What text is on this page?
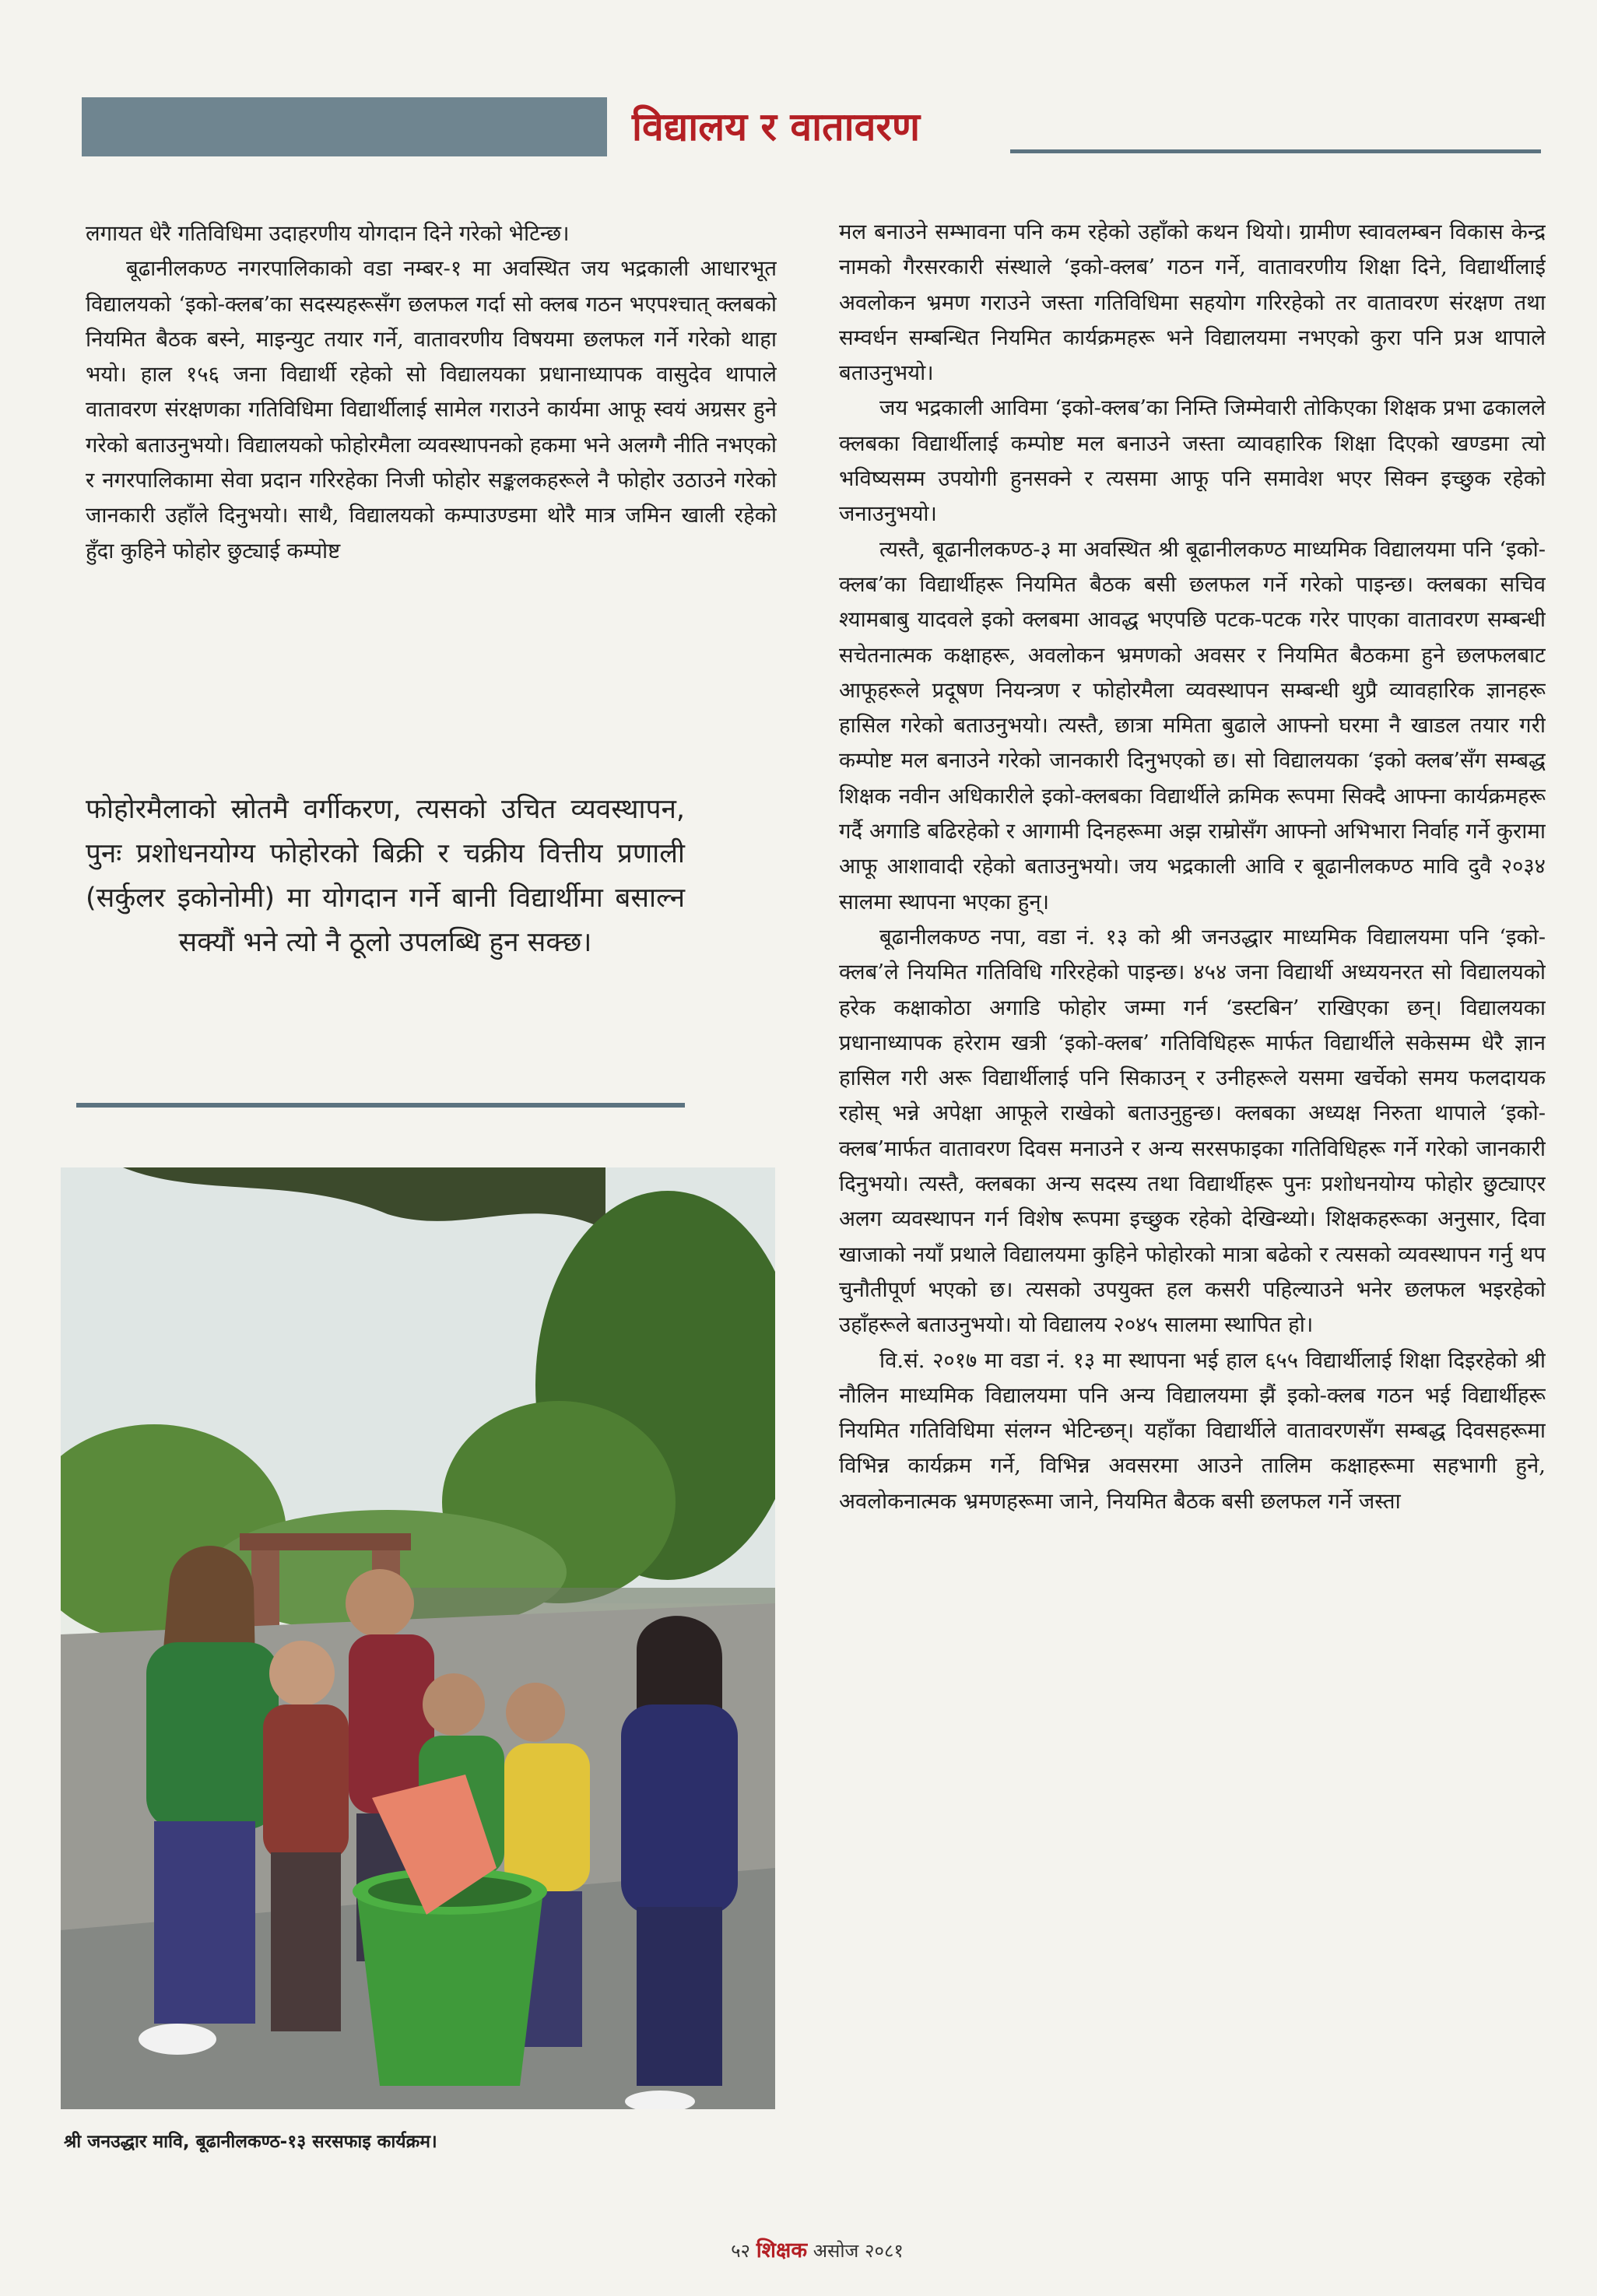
विद्यालय र वातावरण

लगायत धेरै गतिविधिमा उदाहरणीय योगदान दिने गरेको भेटिन्छ।

बूढानीलकण्ठ नगरपालिकाको वडा नम्बर-१ मा अवस्थित जय भद्रकाली आधारभूत विद्यालयको ‘इको-क्लब’का सदस्यहरूसँग छलफल गर्दा सो क्लब गठन भएपश्चात् क्लबको नियमित बैठक बस्ने, माइन्युट तयार गर्ने, वातावरणीय विषयमा छलफल गर्ने गरेको थाहा भयो। हाल १५६ जना विद्यार्थी रहेको सो विद्यालयका प्रधानाध्यापक वासुदेव थापाले वातावरण संरक्षणका गतिविधिमा विद्यार्थीलाई सामेल गराउने कार्यमा आफू स्वयं अग्रसर हुने गरेको बताउनुभयो। विद्यालयको फोहोरमैला व्यवस्थापनको हकमा भने अलग्गै नीति नभएको र नगरपालिकामा सेवा प्रदान गरिरहेका निजी फोहोर सङ्कलकहरूले नै फोहोर उठाउने गरेको जानकारी उहाँले दिनुभयो। साथै, विद्यालयको कम्पाउण्डमा थोरै मात्र जमिन खाली रहेको हुँदा कुहिने फोहोर छुट्याई कम्पोष्ट

फोहोरमैलाको स्रोतमै वर्गीकरण, त्यसको उचित व्यवस्थापन, पुनः प्रशोधनयोग्य फोहोरको बिक्री र चक्रीय वित्तीय प्रणाली (सर्कुलर इकोनोमी) मा योगदान गर्ने बानी विद्यार्थीमा बसाल्न सक्यौं भने त्यो नै ठूलो उपलब्धि हुन सक्छ।
श्री जनउद्धार मावि, बूढानीलकण्ठ-१३ सरसफाइ कार्यक्रम।

मल बनाउने सम्भावना पनि कम रहेको उहाँको कथन थियो। ग्रामीण स्वावलम्बन विकास केन्द्र नामको गैरसरकारी संस्थाले ‘इको-क्लब’ गठन गर्ने, वातावरणीय शिक्षा दिने, विद्यार्थीलाई अवलोकन भ्रमण गराउने जस्ता गतिविधिमा सहयोग गरिरहेको तर वातावरण संरक्षण तथा सम्वर्धन सम्बन्धित नियमित कार्यक्रमहरू भने विद्यालयमा नभएको कुरा पनि प्रअ थापाले बताउनुभयो।

जय भद्रकाली आविमा ‘इको-क्लब’का निम्ति जिम्मेवारी तोकिएका शिक्षक प्रभा ढकालले क्लबका विद्यार्थीलाई कम्पोष्ट मल बनाउने जस्ता व्यावहारिक शिक्षा दिएको खण्डमा त्यो भविष्यसम्म उपयोगी हुनसक्ने र त्यसमा आफू पनि समावेश भएर सिक्न इच्छुक रहेको जनाउनुभयो।

त्यस्तै, बूढानीलकण्ठ-३ मा अवस्थित श्री बूढानीलकण्ठ माध्यमिक विद्यालयमा पनि ‘इको-क्लब’का विद्यार्थीहरू नियमित बैठक बसी छलफल गर्ने गरेको पाइन्छ। क्लबका सचिव श्यामबाबु यादवले इको क्लबमा आवद्ध भएपछि पटक-पटक गरेर पाएका वातावरण सम्बन्धी सचेतनात्मक कक्षाहरू, अवलोकन भ्रमणको अवसर र नियमित बैठकमा हुने छलफलबाट आफूहरूले प्रदूषण नियन्त्रण र फोहोरमैला व्यवस्थापन सम्बन्धी थुप्रै व्यावहारिक ज्ञानहरू हासिल गरेको बताउनुभयो। त्यस्तै, छात्रा ममिता बुढाले आफ्नो घरमा नै खाडल तयार गरी कम्पोष्ट मल बनाउने गरेको जानकारी दिनुभएको छ। सो विद्यालयका ‘इको क्लब’सँग सम्बद्ध शिक्षक नवीन अधिकारीले इको-क्लबका विद्यार्थीले क्रमिक रूपमा सिक्दै आफ्ना कार्यक्रमहरू गर्दै अगाडि बढिरहेको र आगामी दिनहरूमा अझ राम्रोसँग आफ्नो अभिभारा निर्वाह गर्ने कुरामा आफू आशावादी रहेको बताउनुभयो। जय भद्रकाली आवि र बूढानीलकण्ठ मावि दुवै २०३४ सालमा स्थापना भएका हुन्।

बूढानीलकण्ठ नपा, वडा नं. १३ को श्री जनउद्धार माध्यमिक विद्यालयमा पनि ‘इको-क्लब’ले नियमित गतिविधि गरिरहेको पाइन्छ। ४५४ जना विद्यार्थी अध्ययनरत सो विद्यालयको हरेक कक्षाकोठा अगाडि फोहोर जम्मा गर्न ‘डस्टबिन’ राखिएका छन्। विद्यालयका प्रधानाध्यापक हरेराम खत्री ‘इको-क्लब’ गतिविधिहरू मार्फत विद्यार्थीले सकेसम्म धेरै ज्ञान हासिल गरी अरू विद्यार्थीलाई पनि सिकाउन् र उनीहरूले यसमा खर्चेको समय फलदायक रहोस् भन्ने अपेक्षा आफूले राखेको बताउनुहुन्छ। क्लबका अध्यक्ष निरुता थापाले ‘इको-क्लब’मार्फत वातावरण दिवस मनाउने र अन्य सरसफाइका गतिविधिहरू गर्ने गरेको जानकारी दिनुभयो। त्यस्तै, क्लबका अन्य सदस्य तथा विद्यार्थीहरू पुनः प्रशोधनयोग्य फोहोर छुट्याएर अलग व्यवस्थापन गर्न विशेष रूपमा इच्छुक रहेको देखिन्थ्यो। शिक्षकहरूका अनुसार, दिवा खाजाको नयाँ प्रथाले विद्यालयमा कुहिने फोहोरको मात्रा बढेको र त्यसको व्यवस्थापन गर्नु थप चुनौतीपूर्ण भएको छ। त्यसको उपयुक्त हल कसरी पहिल्याउने भनेर छलफल भइरहेको उहाँहरूले बताउनुभयो। यो विद्यालय २०४५ सालमा स्थापित हो।

वि.सं. २०१७ मा वडा नं. १३ मा स्थापना भई हाल ६५५ विद्यार्थीलाई शिक्षा दिइरहेको श्री नौलिन माध्यमिक विद्यालयमा पनि अन्य विद्यालयमा झैं इको-क्लब गठन भई विद्यार्थीहरू नियमित गतिविधिमा संलग्न भेटिन्छन्। यहाँका विद्यार्थीले वातावरणसँग सम्बद्ध दिवसहरूमा विभिन्न कार्यक्रम गर्ने, विभिन्न अवसरमा आउने तालिम कक्षाहरूमा सहभागी हुने, अवलोकनात्मक भ्रमणहरूमा जाने, नियमित बैठक बसी छलफल गर्ने जस्ता

५२ शिक्षक असोज २०८१
